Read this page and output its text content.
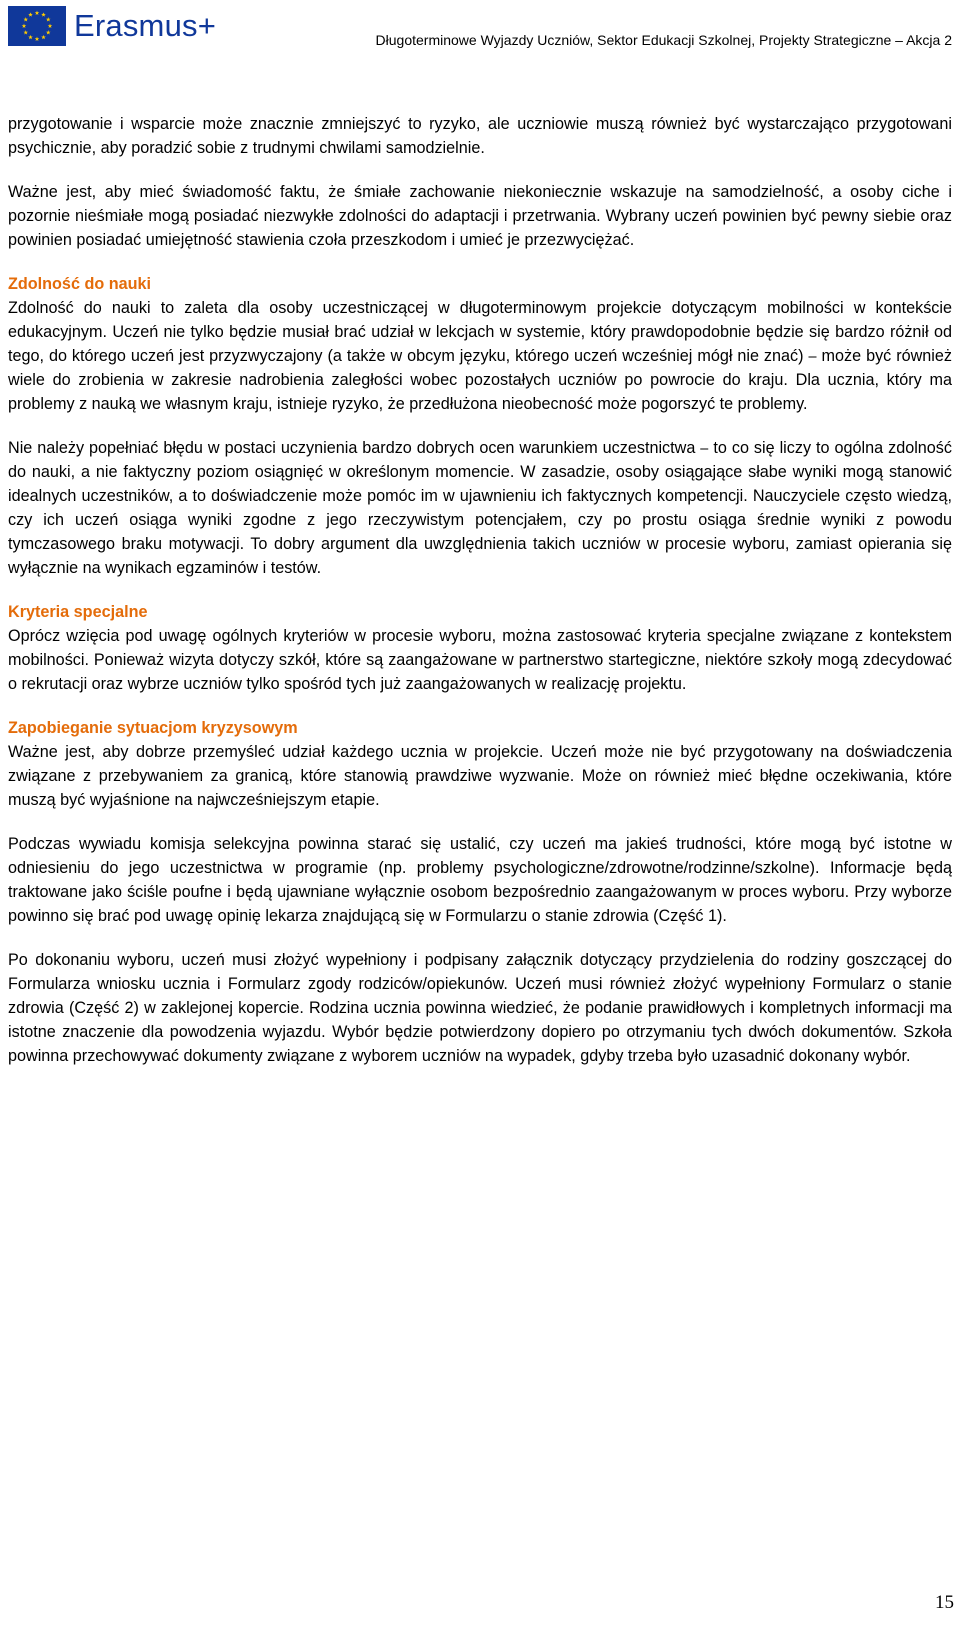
Erasmus+	Długoterminowe Wyjazdy Uczniów, Sektor Edukacji Szkolnej, Projekty Strategiczne – Akcja 2

przygotowanie i wsparcie może znacznie zmniejszyć to ryzyko, ale uczniowie muszą również być wystarczająco przygotowani psychicznie, aby poradzić sobie z trudnymi chwilami samodzielnie.

Ważne jest, aby mieć świadomość faktu, że śmiałe zachowanie niekoniecznie wskazuje na samodzielność, a osoby ciche i pozornie nieśmiałe mogą posiadać niezwykłe zdolności do adaptacji i przetrwania. Wybrany uczeń powinien być pewny siebie oraz powinien posiadać umiejętność stawienia czoła przeszkodom i umieć je przezwyciężać.

Zdolność do nauki

Zdolność do nauki to zaleta dla osoby uczestniczącej w długoterminowym projekcie dotyczącym mobilności w kontekście edukacyjnym. Uczeń nie tylko będzie musiał brać udział w lekcjach w systemie, który prawdopodobnie będzie się bardzo różnił od tego, do którego uczeń jest przyzwyczajony (a także w obcym języku, którego uczeń wcześniej mógł nie znać) ⎯ może być również wiele do zrobienia w zakresie nadrobienia zaległości wobec pozostałych uczniów po powrocie do kraju. Dla ucznia, który ma problemy z nauką we własnym kraju, istnieje ryzyko, że przedłużona nieobecność może pogorszyć te problemy.

Nie należy popełniać błędu w postaci uczynienia bardzo dobrych ocen warunkiem uczestnictwa ⎯ to co się liczy to ogólna zdolność do nauki, a nie faktyczny poziom osiągnięć w określonym momencie. W zasadzie, osoby osiągające słabe wyniki mogą stanowić idealnych uczestników, a to doświadczenie może pomóc im w ujawnieniu ich faktycznych kompetencji. Nauczyciele często wiedzą, czy ich uczeń osiąga wyniki zgodne z jego rzeczywistym potencjałem, czy po prostu osiąga średnie wyniki z powodu tymczasowego braku motywacji. To dobry argument dla uwzględnienia takich uczniów w procesie wyboru, zamiast opierania się wyłącznie na wynikach egzaminów i testów.

Kryteria specjalne

Oprócz wzięcia pod uwagę ogólnych kryteriów w procesie wyboru, można zastosować kryteria specjalne związane z kontekstem mobilności. Ponieważ wizyta dotyczy szkół, które są zaangażowane w partnerstwo startegiczne, niektóre szkoły mogą zdecydować o rekrutacji oraz wybrze uczniów tylko spośród tych już zaangażowanych w realizację projektu.

Zapobieganie sytuacjom kryzysowym

Ważne jest, aby dobrze przemyśleć udział każdego ucznia w projekcie. Uczeń może nie być przygotowany na doświadczenia związane z przebywaniem za granicą, które stanowią prawdziwe wyzwanie. Może on również mieć błędne oczekiwania, które muszą być wyjaśnione na najwcześniejszym etapie.

Podczas wywiadu komisja selekcyjna powinna starać się ustalić, czy uczeń ma jakieś trudności, które mogą być istotne w odniesieniu do jego uczestnictwa w programie (np. problemy psychologiczne/zdrowotne/rodzinne/szkolne). Informacje będą traktowane jako ściśle poufne i będą ujawniane wyłącznie osobom bezpośrednio zaangażowanym w proces wyboru. Przy wyborze powinno się brać pod uwagę opinię lekarza znajdującą się w Formularzu o stanie zdrowia (Część 1).

Po dokonaniu wyboru, uczeń musi złożyć wypełniony i podpisany załącznik dotyczący przydzielenia do rodziny goszczącej do Formularza wniosku ucznia i Formularz zgody rodziców/opiekunów. Uczeń musi również złożyć wypełniony Formularz o stanie zdrowia (Część 2) w zaklejonej kopercie. Rodzina ucznia powinna wiedzieć, że podanie prawidłowych i kompletnych informacji ma istotne znaczenie dla powodzenia wyjazdu. Wybór będzie potwierdzony dopiero po otrzymaniu tych dwóch dokumentów. Szkoła powinna przechowywać dokumenty związane z wyborem uczniów na wypadek, gdyby trzeba było uzasadnić dokonany wybór.

15
